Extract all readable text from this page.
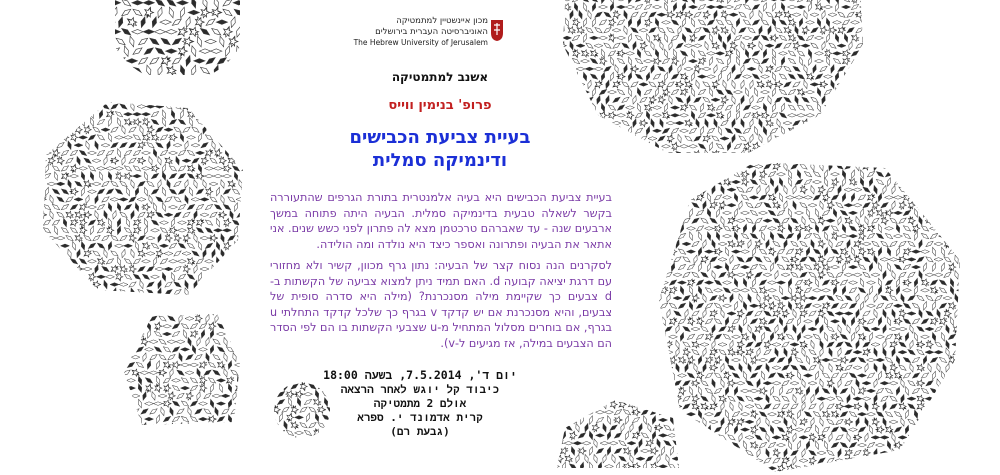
מכון איינשטיין למתמטיקה
האוניברסיטה העברית בירושלים
The Hebrew University of Jerusalem
אשנב למתמטיקה
פרופ' בנימין ווייס
בעיית צביעת הכבישים
ודינמיקה סמלית
בעיית צביעת הכבישים היא בעיה אלמנטרית בתורת הגרפים שהתעוררה בקשר לשאלה טבעית בדינמיקה סמלית. הבעיה היתה פתוחה במשך ארבעים שנה - עד שאברהם טרכטמן מצא לה פתרון לפני כשש שנים. אני אתאר את הבעיה ופתרונה ואספר כיצד היא נולדה ומה הולידה.
לסקרנים הנה נסוח קצר של הבעיה: נתון גרף מכוון, קשיר ולא מחזורי עם דרגת יציאה קבועה d. האם תמיד ניתן למצוא צביעה של הקשתות ב-d צבעים כך שקיימת מילה מסנכרנת? (מילה היא סדרה סופית של צבעים, והיא מסנכרנת אם יש קדקד v בגרף כך שלכל קדקד התחלתי u בגרף, אם בוחרים מסלול המתחיל מ-u שצבעי הקשתות בו הם לפי הסדר הם הצבעים במילה, אז מגיעים ל-v).
יום ד', 7.5.2014, בשעה 18:00
כיבוד קל יוגש לאחר הרצאה
אולם 2 מתמטיקה
קרית אדמונד י. ספרא
(גבעת רם)
